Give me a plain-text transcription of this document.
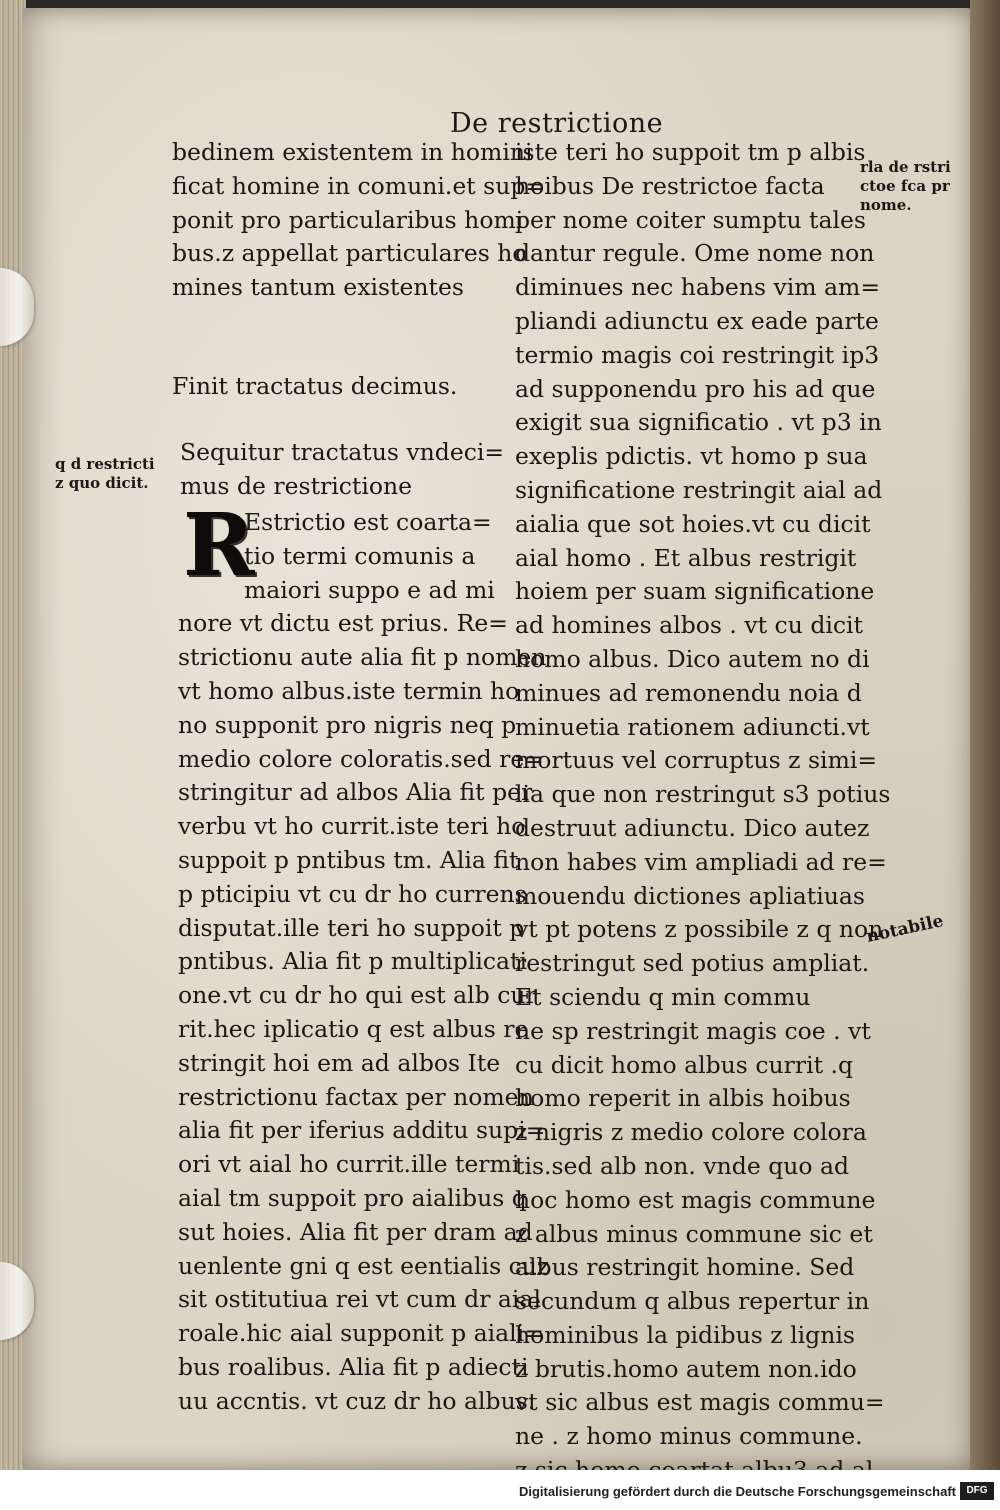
De restrictione
bedinem existentem in homini
ficat homine in comuni.et sup=
ponit pro particularibus homi
bus.z appellat particulares ho
mines tantum existentes
Finit tractatus decimus.
Sequitur tractatus vndeci=
mus de restrictione
R
Estrictio est coarta=
tio termi comunis a
maiori suppo e ad mi
nore vt dictu est prius. Re=
strictionu aute alia fit p nomen
vt homo albus.iste termin ho
no supponit pro nigris neq p
medio colore coloratis.sed re=
stringitur ad albos Alia fit per
verbu vt ho currit.iste teri ho
suppoit p pntibus tm. Alia fit
p pticipiu vt cu dr ho currens
disputat.ille teri ho suppoit p
pntibus. Alia fit p multiplicati
one.vt cu dr ho qui est alb cur
rit.hec iplicatio q est albus re
stringit hoi em ad albos Ite
restrictionu factax per nomen
alia fit per iferius additu supi=
ori vt aial ho currit.ille termi
aial tm suppoit pro aialibus q
sut hoies. Alia fit per dram ad
uenlente gni q est eentialis cuz
sit ostitutiua rei vt cum dr aial
roale.hic aial supponit p aiali=
bus roalibus. Alia fit p adiecti
uu accntis. vt cuz dr ho albus.
iste teri ho suppoit tm p albis
hoibus De restrictoe facta
per nome coiter sumptu tales
dantur regule. Ome nome non
diminues nec habens vim am=
pliandi adiunctu ex eade parte
termio magis coi restringit ip3
ad supponendu pro his ad que
exigit sua significatio . vt p3 in
exeplis pdictis. vt homo p sua
significatione restringit aial ad
aialia que sot hoies.vt cu dicit
aial homo . Et albus restrigit
hoiem per suam significatione
ad homines albos . vt cu dicit
homo albus. Dico autem no di
minues ad remonendu noia d
minuetia rationem adiuncti.vt
mortuus vel corruptus z simi=
lia que non restringut s3 potius
destruut adiunctu. Dico autez
non habes vim ampliadi ad re=
mouendu dictiones apliatiuas
vt pt potens z possibile z q non
restringut sed potius ampliat.
Et sciendu q min commu
ne sp restringit magis coe . vt
cu dicit homo albus currit .q
homo reperit in albis hoibus
z nigris z medio colore colora
tis.sed alb non. vnde quo ad
hoc homo est magis commune
z albus minus commune sic et
albus restringit homine. Sed
secundum q albus repertur in
hominibus la pidibus z lignis
z brutis.homo autem non.ido
vt sic albus est magis commu=
ne . z homo minus commune.
q d restricti
z quo dicit.
rla de rstri
ctoe fca pr
nome.
notabile
Digitalisierung gefördert durch die Deutsche Forschungsgemeinschaft	DFG
